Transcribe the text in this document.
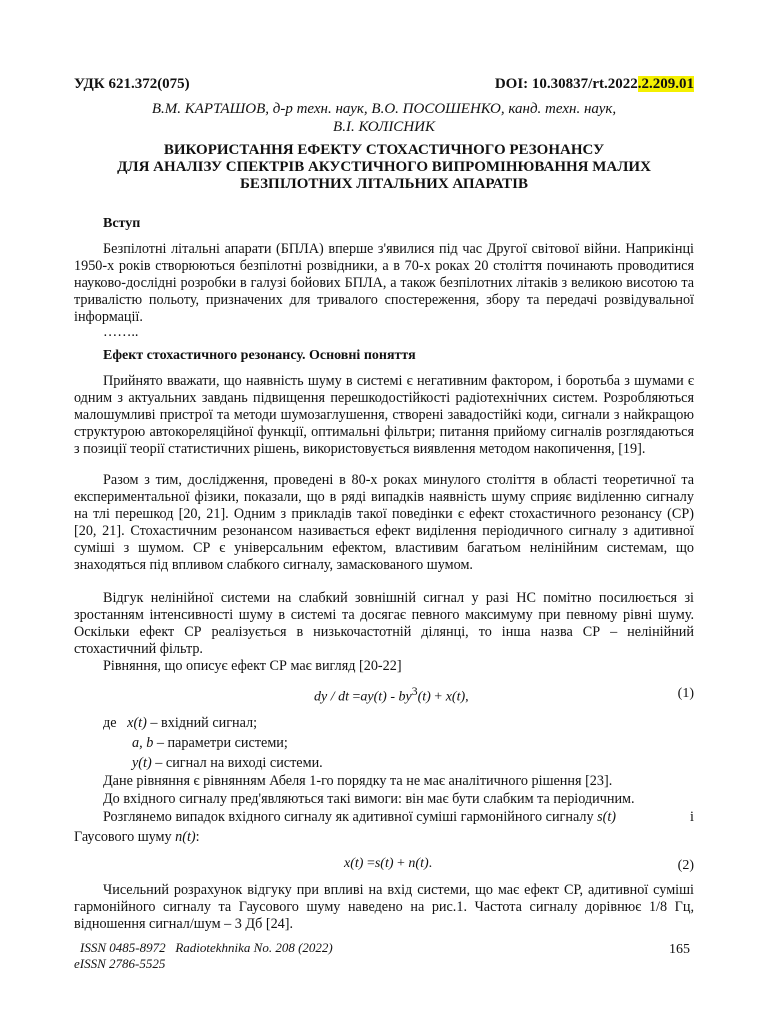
УДК 621.372(075)	DOI: 10.30837/rt.2022.2.209.01
В.М. КАРТАШОВ, д-р техн. наук, В.О. ПОСОШЕНКО, канд. техн. наук,
В.І. КОЛІСНИК
ВИКОРИСТАННЯ ЕФЕКТУ СТОХАСТИЧНОГО РЕЗОНАНСУ
ДЛЯ АНАЛІЗУ СПЕКТРІВ АКУСТИЧНОГО ВИПРОМІНЮВАННЯ МАЛИХ
БЕЗПІЛОТНИХ ЛІТАЛЬНИХ АПАРАТІВ
Вступ
Безпілотні літальні апарати (БПЛА) вперше з'явилися під час Другої світової війни. Наприкінці 1950-х років створюються безпілотні розвідники, а в 70-х роках 20 століття починають проводитися науково-дослідні розробки в галузі бойових БПЛА, а також безпілотних літаків з великою висотою та тривалістю польоту, призначених для тривалого спостереження, збору та передачі розвідувальної інформації.
……..
Ефект стохастичного резонансу. Основні поняття
Прийнято вважати, що наявність шуму в системі є негативним фактором, і боротьба з шумами є одним з актуальних завдань підвищення перешкодостійкості радіотехнічних систем. Розробляються малошумливі пристрої та методи шумозаглушення, створені завадостійкі коди, сигнали з найкращою структурою автокореляційної функції, оптимальні фільтри; питання прийому сигналів розглядаються з позиції теорії статистичних рішень, використовується виявлення методом накопичення, [19].
Разом з тим, дослідження, проведені в 80-х роках минулого століття в області теоретичної та експериментальної фізики, показали, що в ряді випадків наявність шуму сприяє виділенню сигналу на тлі перешкод [20, 21]. Одним з прикладів такої поведінки є ефект стохастичного резонансу (СР) [20, 21]. Стохастичним резонансом називається ефект виділення періодичного сигналу з адитивної суміші з шумом. СР є універсальним ефектом, властивим багатьом нелінійним системам, що знаходяться під впливом слабкого сигналу, замаскованого шумом.
Відгук нелінійної системи на слабкий зовнішній сигнал у разі НС помітно посилюється зі зростанням інтенсивності шуму в системі та досягає певного максимуму при певному рівні шуму. Оскільки ефект СР реалізується в низькочастотній ділянці, то інша назва СР – нелінійний стохастичний фільтр.
Рівняння, що описує ефект СР має вигляд [20-22]
dy / dt $=ay(t) - by^3(t) + x(t)$,	(1)
де x(t) – вхідний сигнал;
a, b – параметри системи;
y(t) – сигнал на виході системи.
Дане рівняння є рівнянням Абеля 1-го порядку та не має аналітичного рішення [23].
До вхідного сигналу пред'являються такі вимоги: він має бути слабким та періодичним.
Розглянемо випадок вхідного сигналу як адитивної суміші гармонійного сигналу s(t)	і
Гаусового шуму n(t):
x(t) =s(t) + n(t).	(2)
Чисельний розрахунок відгуку при впливі на вхід системи, що має ефект СР, адитивної суміші гармонійного сигналу та Гаусового шуму наведено на рис.1. Частота сигналу дорівнює 1/8 Гц, відношення сигнал/шум – 3 Дб [24].
ISSN 0485-8972 Radiotekhnika No. 208 (2022)
eISSN 2786-5525
165
